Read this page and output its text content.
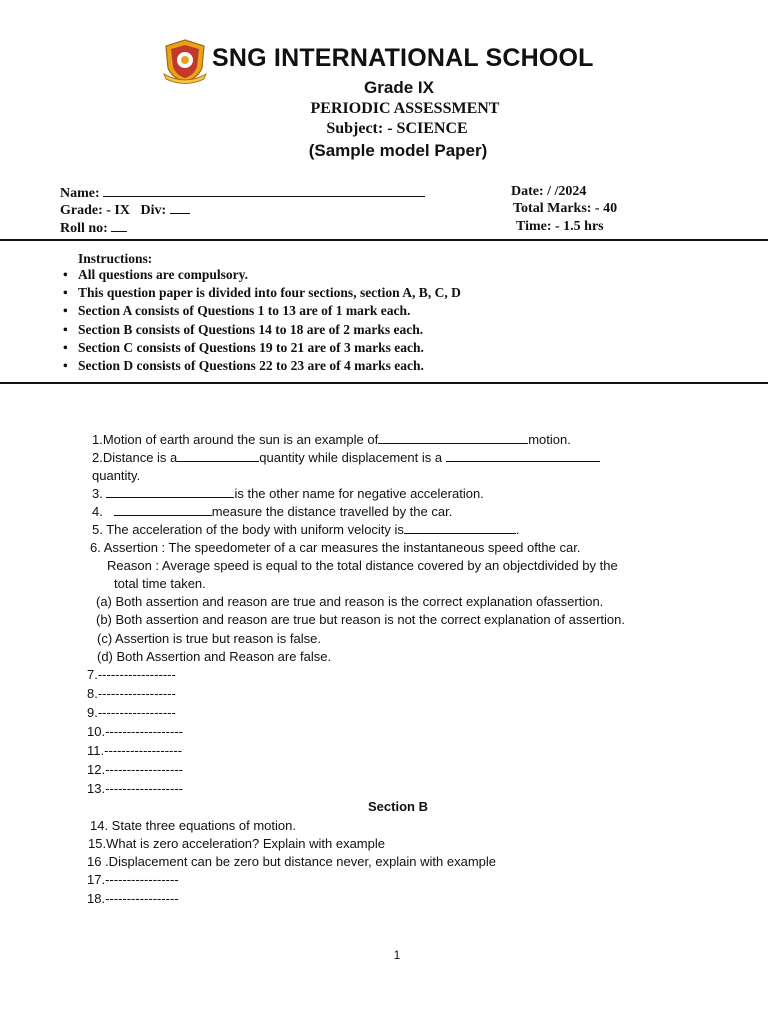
SNG INTERNATIONAL SCHOOL
Grade IX
PERIODIC ASSESSMENT
Subject: - SCIENCE
(Sample model Paper)
Name:	Date: / /2024
Grade: - IX Div:	Total Marks: - 40
Roll no:	Time: - 1.5 hrs
Instructions:
• All questions are compulsory.
• This question paper is divided into four sections, section A, B, C, D
• Section A consists of Questions 1 to 13 are of 1 mark each.
• Section B consists of Questions 14 to 18 are of 2 marks each.
• Section C consists of Questions 19 to 21 are of 3 marks each.
• Section D consists of Questions 22 to 23 are of 4 marks each.
1.Motion of earth around the sun is an example of	motion.
2.Distance is a	quantity while displacement is a
quantity.
3.	is the other name for negative acceleration.
4.	measure the distance travelled by the car.
5. The acceleration of the body with uniform velocity is	.
6. Assertion : The speedometer of a car measures the instantaneous speed ofthe car.
Reason : Average speed is equal to the total distance covered by an objectdivided by the
total time taken.
(a) Both assertion and reason are true and reason is the correct explanation ofassertion.
(b) Both assertion and reason are true but reason is not the correct explanation of assertion.
(c) Assertion is true but reason is false.
(d) Both Assertion and Reason are false.
7.------------------
8.------------------
9.------------------
10.------------------
11.------------------
12.------------------
13.------------------
Section B
14. State three equations of motion.
15.What is zero acceleration? Explain with example
16 .Displacement can be zero but distance never, explain with example
17.-----------------
18.-----------------
1
